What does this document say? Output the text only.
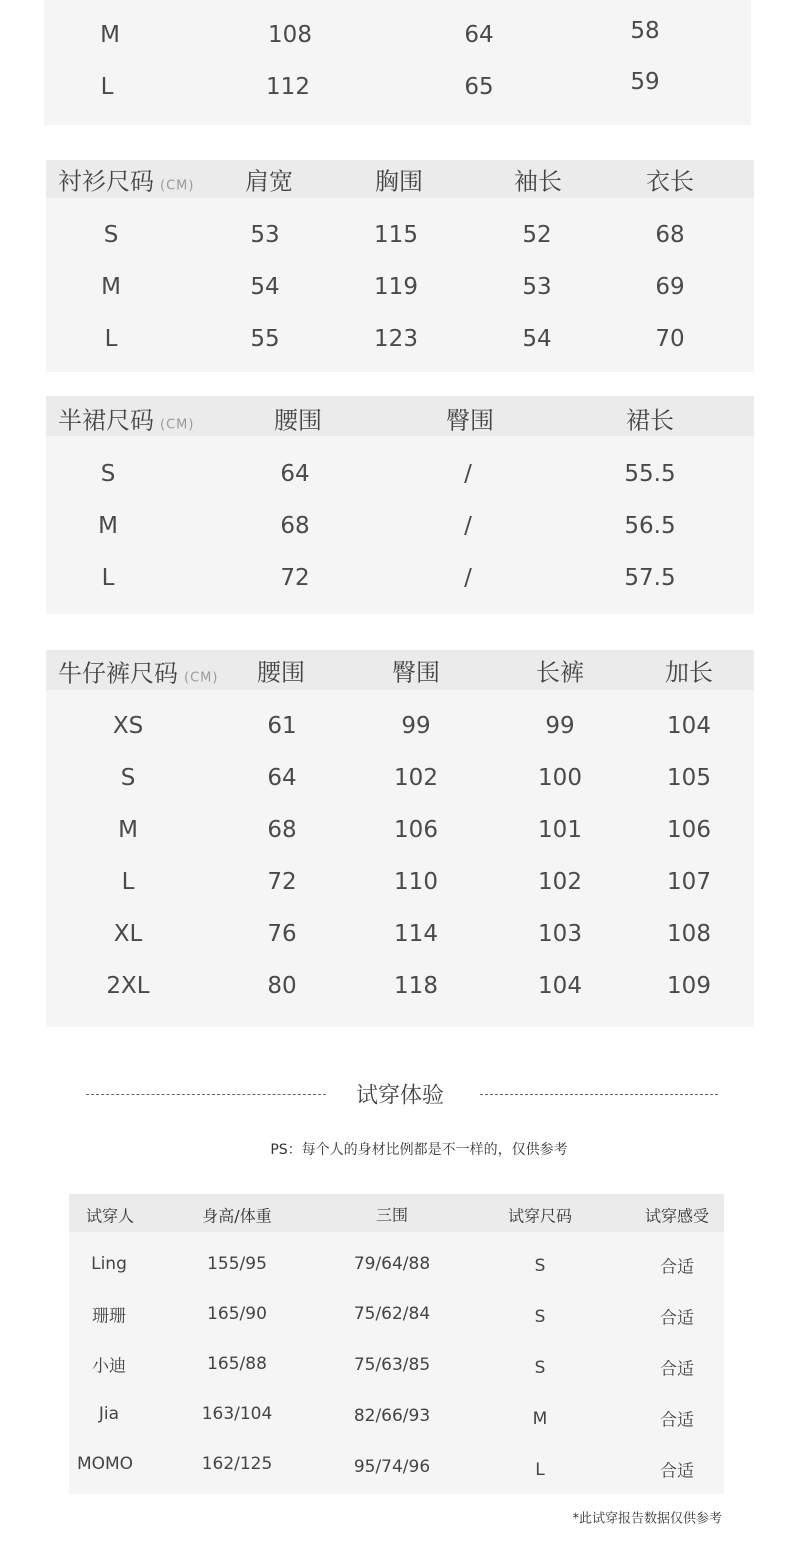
M	108	64	58
L	112	65	59
衬衫尺码 (CM) 肩宽	胸围	袖长	衣长
S	53	115	52	68
M	54	119	53	69
L	55	123	54	70
半裙尺码 (CM)	腰围	臀围	裙长
S	64	/	55.5
M	68	/	56.5
L	72	/	57.5
牛仔裤尺码 (CM) 腰围	臀围	长裤	加长
XS	61	99	99	104
S	64	102	100	105
M	68	106	101	106
L	72	110	102	107
XL	76	114	103	108
2XL	80	118	104	109
试穿体验
PS：每个人的身材比例都是不一样的，仅供参考
试穿人	身高/体重	三围	试穿尺码	试穿感受
Ling	155/95	79/64/88	S	合适
珊珊	165/90	75/62/84	S	合适
小迪	165/88	75/63/85	S	合适
Jia	163/104	82/66/93	M	合适
MOMO	162/125	95/74/96	L	合适
*此试穿报告数据仅供参考
